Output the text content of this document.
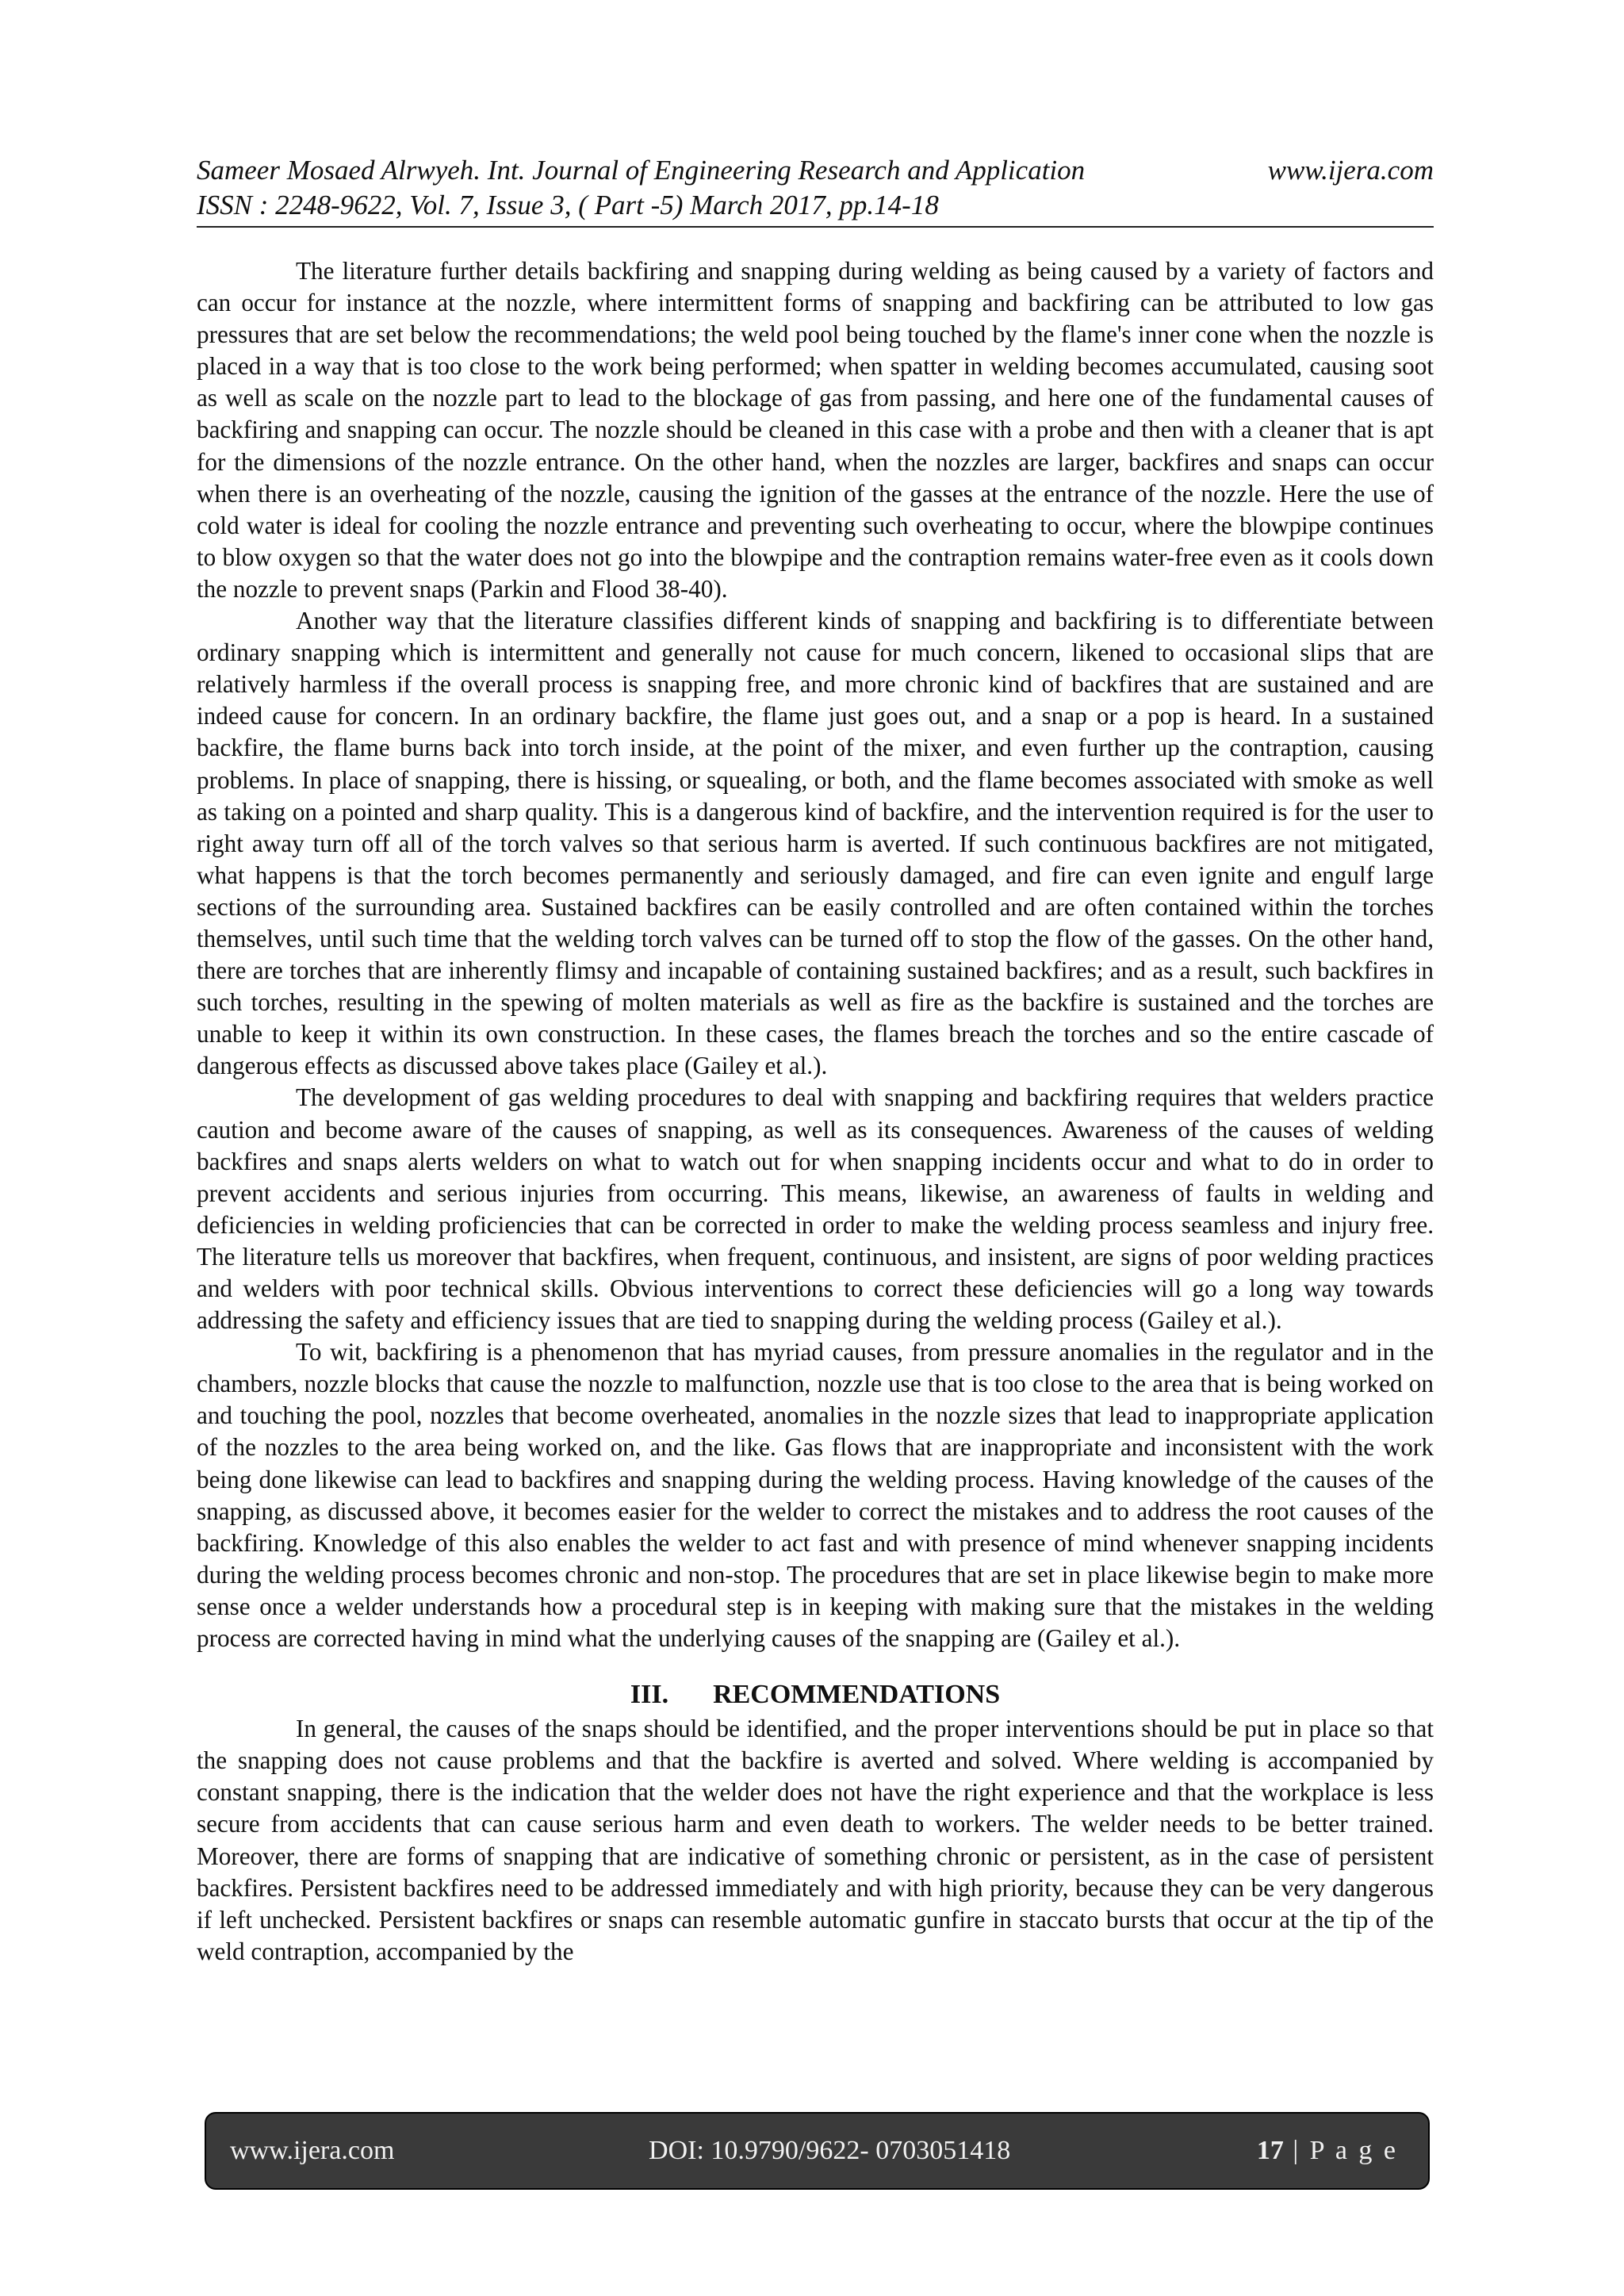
Sameer Mosaed Alrwyeh. Int. Journal of Engineering Research and Application	www.ijera.com
ISSN : 2248-9622, Vol. 7, Issue 3, ( Part -5) March 2017, pp.14-18

The literature further details backfiring and snapping during welding as being caused by a variety of factors and can occur for instance at the nozzle, where intermittent forms of snapping and backfiring can be attributed to low gas pressures that are set below the recommendations; the weld pool being touched by the flame's inner cone when the nozzle is placed in a way that is too close to the work being performed; when spatter in welding becomes accumulated, causing soot as well as scale on the nozzle part to lead to the blockage of gas from passing, and here one of the fundamental causes of backfiring and snapping can occur. The nozzle should be cleaned in this case with a probe and then with a cleaner that is apt for the dimensions of the nozzle entrance. On the other hand, when the nozzles are larger, backfires and snaps can occur when there is an overheating of the nozzle, causing the ignition of the gasses at the entrance of the nozzle. Here the use of cold water is ideal for cooling the nozzle entrance and preventing such overheating to occur, where the blowpipe continues to blow oxygen so that the water does not go into the blowpipe and the contraption remains water-free even as it cools down the nozzle to prevent snaps (Parkin and Flood 38-40).

Another way that the literature classifies different kinds of snapping and backfiring is to differentiate between ordinary snapping which is intermittent and generally not cause for much concern, likened to occasional slips that are relatively harmless if the overall process is snapping free, and more chronic kind of backfires that are sustained and are indeed cause for concern. In an ordinary backfire, the flame just goes out, and a snap or a pop is heard. In a sustained backfire, the flame burns back into torch inside, at the point of the mixer, and even further up the contraption, causing problems. In place of snapping, there is hissing, or squealing, or both, and the flame becomes associated with smoke as well as taking on a pointed and sharp quality. This is a dangerous kind of backfire, and the intervention required is for the user to right away turn off all of the torch valves so that serious harm is averted. If such continuous backfires are not mitigated, what happens is that the torch becomes permanently and seriously damaged, and fire can even ignite and engulf large sections of the surrounding area. Sustained backfires can be easily controlled and are often contained within the torches themselves, until such time that the welding torch valves can be turned off to stop the flow of the gasses. On the other hand, there are torches that are inherently flimsy and incapable of containing sustained backfires; and as a result, such backfires in such torches, resulting in the spewing of molten materials as well as fire as the backfire is sustained and the torches are unable to keep it within its own construction. In these cases, the flames breach the torches and so the entire cascade of dangerous effects as discussed above takes place (Gailey et al.).

The development of gas welding procedures to deal with snapping and backfiring requires that welders practice caution and become aware of the causes of snapping, as well as its consequences. Awareness of the causes of welding backfires and snaps alerts welders on what to watch out for when snapping incidents occur and what to do in order to prevent accidents and serious injuries from occurring. This means, likewise, an awareness of faults in welding and deficiencies in welding proficiencies that can be corrected in order to make the welding process seamless and injury free. The literature tells us moreover that backfires, when frequent, continuous, and insistent, are signs of poor welding practices and welders with poor technical skills. Obvious interventions to correct these deficiencies will go a long way towards addressing the safety and efficiency issues that are tied to snapping during the welding process (Gailey et al.).

To wit, backfiring is a phenomenon that has myriad causes, from pressure anomalies in the regulator and in the chambers, nozzle blocks that cause the nozzle to malfunction, nozzle use that is too close to the area that is being worked on and touching the pool, nozzles that become overheated, anomalies in the nozzle sizes that lead to inappropriate application of the nozzles to the area being worked on, and the like. Gas flows that are inappropriate and inconsistent with the work being done likewise can lead to backfires and snapping during the welding process. Having knowledge of the causes of the snapping, as discussed above, it becomes easier for the welder to correct the mistakes and to address the root causes of the backfiring. Knowledge of this also enables the welder to act fast and with presence of mind whenever snapping incidents during the welding process becomes chronic and non-stop. The procedures that are set in place likewise begin to make more sense once a welder understands how a procedural step is in keeping with making sure that the mistakes in the welding process are corrected having in mind what the underlying causes of the snapping are (Gailey et al.).

III. RECOMMENDATIONS

In general, the causes of the snaps should be identified, and the proper interventions should be put in place so that the snapping does not cause problems and that the backfire is averted and solved. Where welding is accompanied by constant snapping, there is the indication that the welder does not have the right experience and that the workplace is less secure from accidents that can cause serious harm and even death to workers. The welder needs to be better trained. Moreover, there are forms of snapping that are indicative of something chronic or persistent, as in the case of persistent backfires. Persistent backfires need to be addressed immediately and with high priority, because they can be very dangerous if left unchecked. Persistent backfires or snaps can resemble automatic gunfire in staccato bursts that occur at the tip of the weld contraption, accompanied by the

www.ijera.com	DOI: 10.9790/9622- 0703051418	17 | P a g e
